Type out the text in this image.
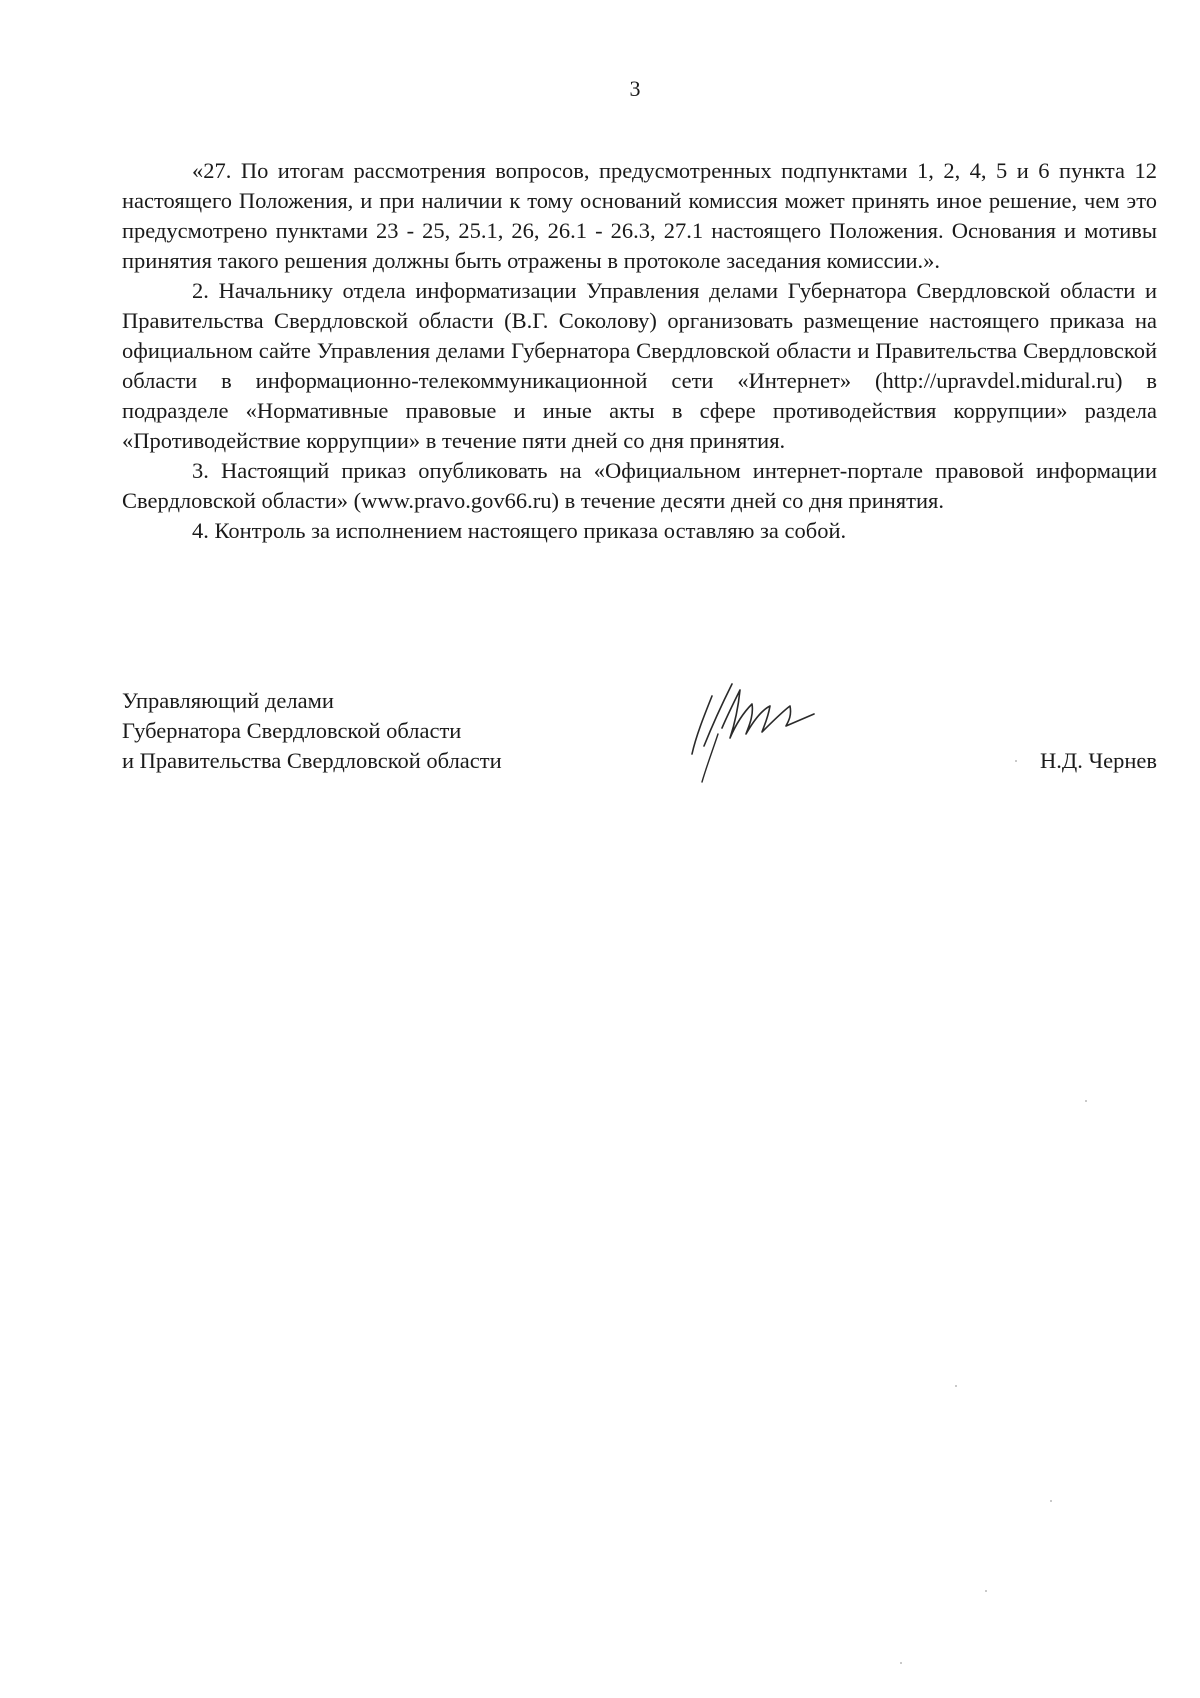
3

«27. По итогам рассмотрения вопросов, предусмотренных подпунктами 1, 2, 4, 5 и 6 пункта 12 настоящего Положения, и при наличии к тому оснований комиссия может принять иное решение, чем это предусмотрено пунктами 23 - 25, 25.1, 26, 26.1 - 26.3, 27.1 настоящего Положения. Основания и мотивы принятия такого решения должны быть отражены в протоколе заседания комиссии.».

2. Начальнику отдела информатизации Управления делами Губернатора Свердловской области и Правительства Свердловской области (В.Г. Соколову) организовать размещение настоящего приказа на официальном сайте Управления делами Губернатора Свердловской области и Правительства Свердловской области в информационно-телекоммуникационной сети «Интернет» (http://upravdel.midural.ru) в подразделе «Нормативные правовые и иные акты в сфере противодействия коррупции» раздела «Противодействие коррупции» в течение пяти дней со дня принятия.

3. Настоящий приказ опубликовать на «Официальном интернет-портале правовой информации Свердловской области» (www.pravo.gov66.ru) в течение десяти дней со дня принятия.

4. Контроль за исполнением настоящего приказа оставляю за собой.

Управляющий делами
Губернатора Свердловской области
и Правительства Свердловской области	Н.Д. Чернев
